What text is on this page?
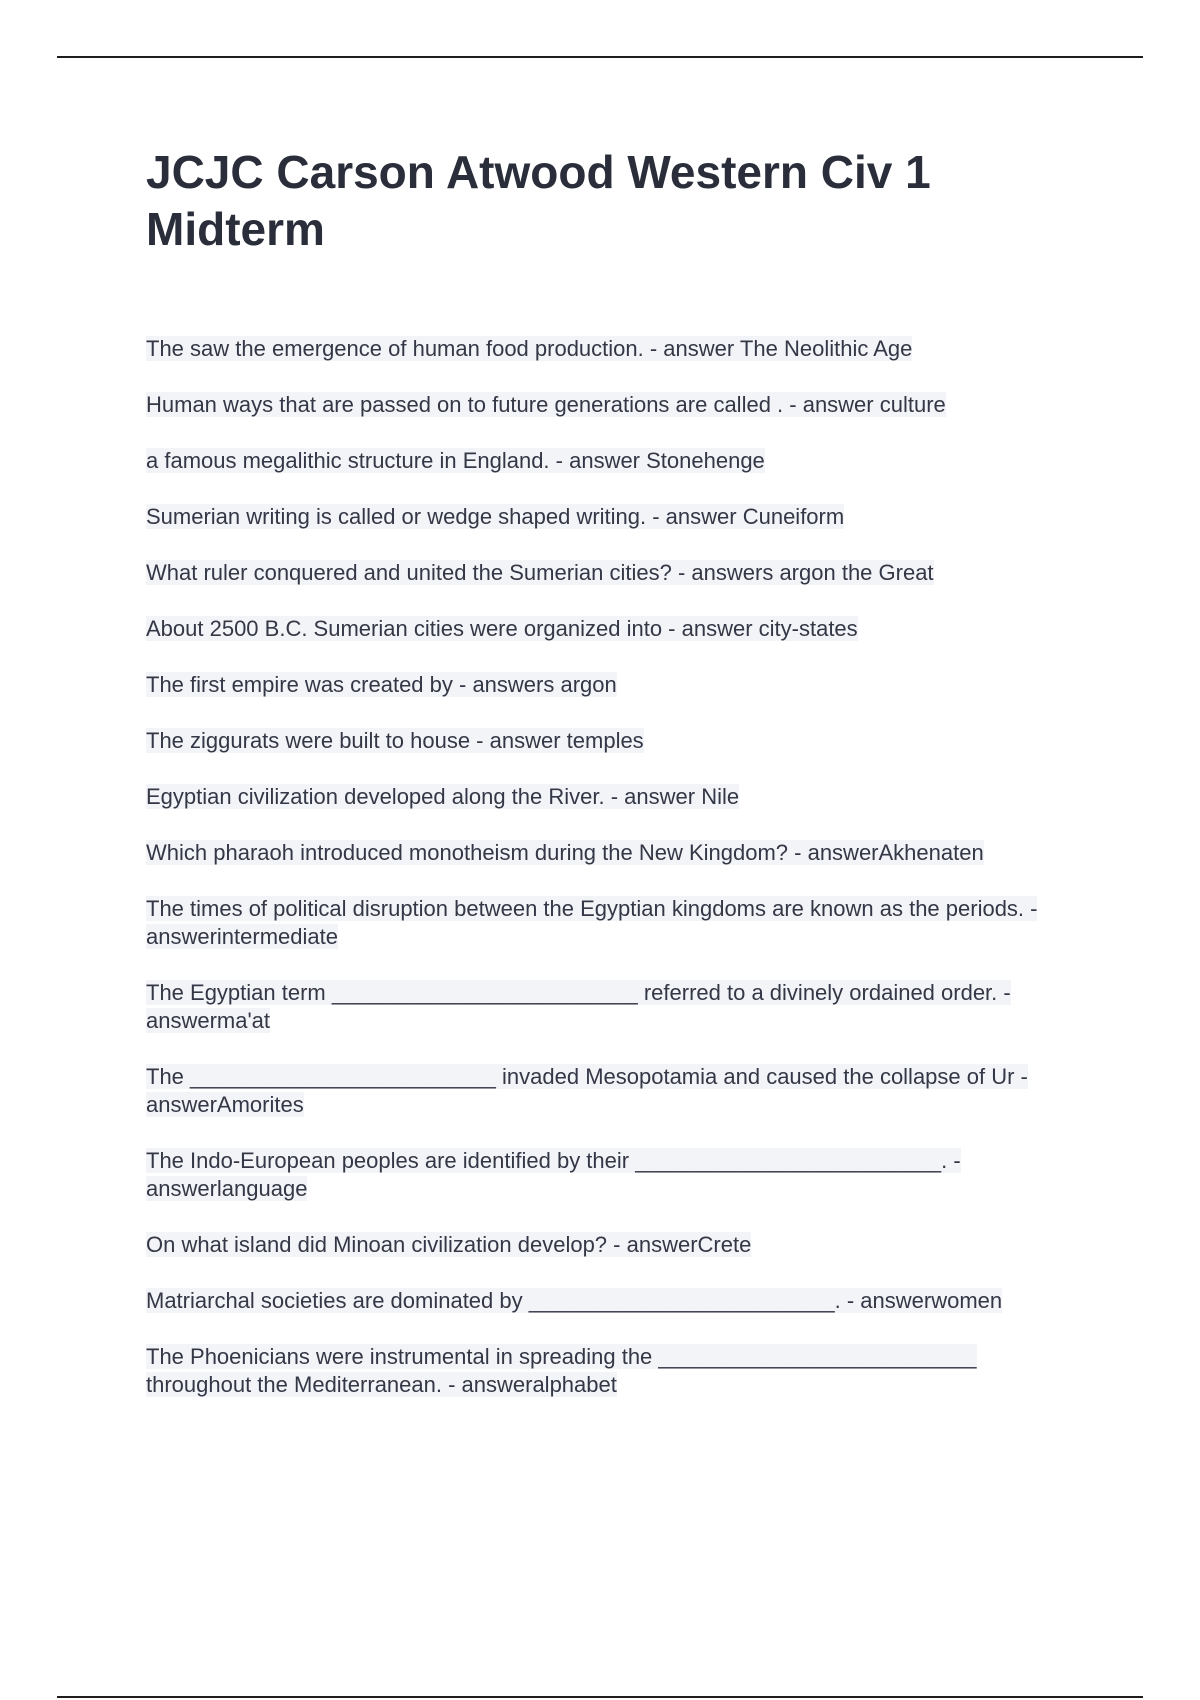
JCJC Carson Atwood Western Civ 1 Midterm
The saw the emergence of human food production. - answer The Neolithic Age
Human ways that are passed on to future generations are called . - answer culture
a famous megalithic structure in England. - answer Stonehenge
Sumerian writing is called or wedge shaped writing. - answer Cuneiform
What ruler conquered and united the Sumerian cities? - answers argon the Great
About 2500 B.C. Sumerian cities were organized into - answer city-states
The first empire was created by - answers argon
The ziggurats were built to house - answer temples
Egyptian civilization developed along the River. - answer Nile
Which pharaoh introduced monotheism during the New Kingdom? - answerAkhenaten
The times of political disruption between the Egyptian kingdoms are known as the periods. - answerintermediate
The Egyptian term _________________________ referred to a divinely ordained order. - answerma'at
The _________________________ invaded Mesopotamia and caused the collapse of Ur - answerAmorites
The Indo-European peoples are identified by their _________________________. - answerlanguage
On what island did Minoan civilization develop? - answerCrete
Matriarchal societies are dominated by _________________________. - answerwomen
The Phoenicians were instrumental in spreading the __________________________ throughout the Mediterranean. - answeralphabet
